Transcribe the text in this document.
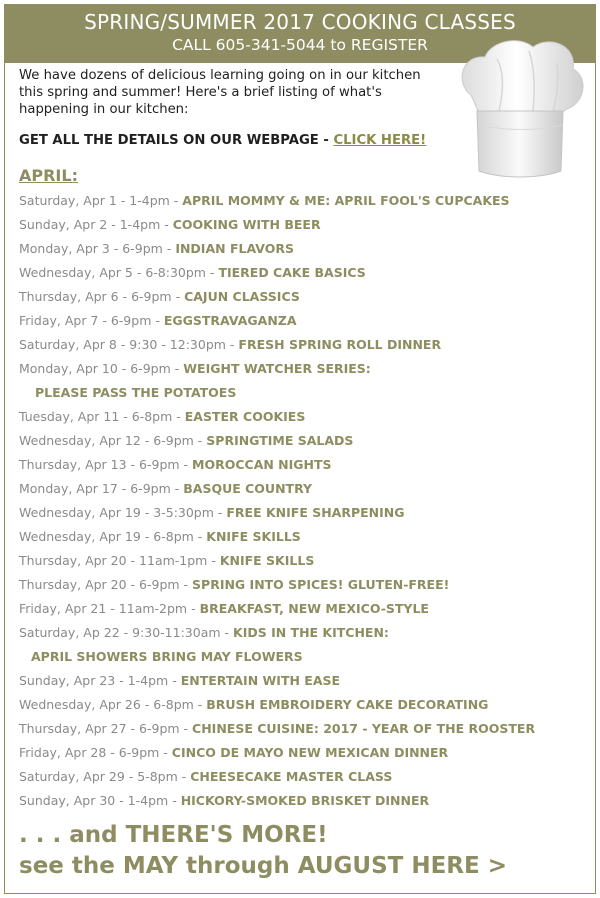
SPRING/SUMMER 2017 COOKING CLASSES
CALL 605-341-5044 to REGISTER
We have dozens of delicious learning going on in our kitchen this spring and summer! Here's a brief listing of what's happening in our kitchen:
GET ALL THE DETAILS ON OUR WEBPAGE - CLICK HERE!
APRIL:
Saturday, Apr 1 - 1-4pm - APRIL MOMMY & ME: APRIL FOOL'S CUPCAKES
Sunday, Apr 2 - 1-4pm - COOKING WITH BEER
Monday, Apr 3 - 6-9pm - INDIAN FLAVORS
Wednesday, Apr 5 - 6-8:30pm - TIERED CAKE BASICS
Thursday, Apr 6 - 6-9pm - CAJUN CLASSICS
Friday, Apr 7 - 6-9pm - EGGSTRAVAGANZA
Saturday, Apr 8 - 9:30 - 12:30pm - FRESH SPRING ROLL DINNER
Monday, Apr 10 - 6-9pm - WEIGHT WATCHER SERIES:
PLEASE PASS THE POTATOES
Tuesday, Apr 11 - 6-8pm - EASTER COOKIES
Wednesday, Apr 12 - 6-9pm - SPRINGTIME SALADS
Thursday, Apr 13 - 6-9pm - MOROCCAN NIGHTS
Monday, Apr 17 - 6-9pm - BASQUE COUNTRY
Wednesday, Apr 19 - 3-5:30pm - FREE KNIFE SHARPENING
Wednesday, Apr 19 - 6-8pm - KNIFE SKILLS
Thursday, Apr 20 - 11am-1pm - KNIFE SKILLS
Thursday, Apr 20 - 6-9pm - SPRING INTO SPICES! GLUTEN-FREE!
Friday, Apr 21 - 11am-2pm - BREAKFAST, NEW MEXICO-STYLE
Saturday, Ap 22 - 9:30-11:30am - KIDS IN THE KITCHEN:
APRIL SHOWERS BRING MAY FLOWERS
Sunday, Apr 23 - 1-4pm - ENTERTAIN WITH EASE
Wednesday, Apr 26 - 6-8pm - BRUSH EMBROIDERY CAKE DECORATING
Thursday, Apr 27 - 6-9pm - CHINESE CUISINE: 2017 - YEAR OF THE ROOSTER
Friday, Apr 28 - 6-9pm - CINCO DE MAYO NEW MEXICAN DINNER
Saturday, Apr 29 - 5-8pm - CHEESECAKE MASTER CLASS
Sunday, Apr 30 - 1-4pm - HICKORY-SMOKED BRISKET DINNER
. . . and THERE'S MORE!
see the MAY through AUGUST HERE >
